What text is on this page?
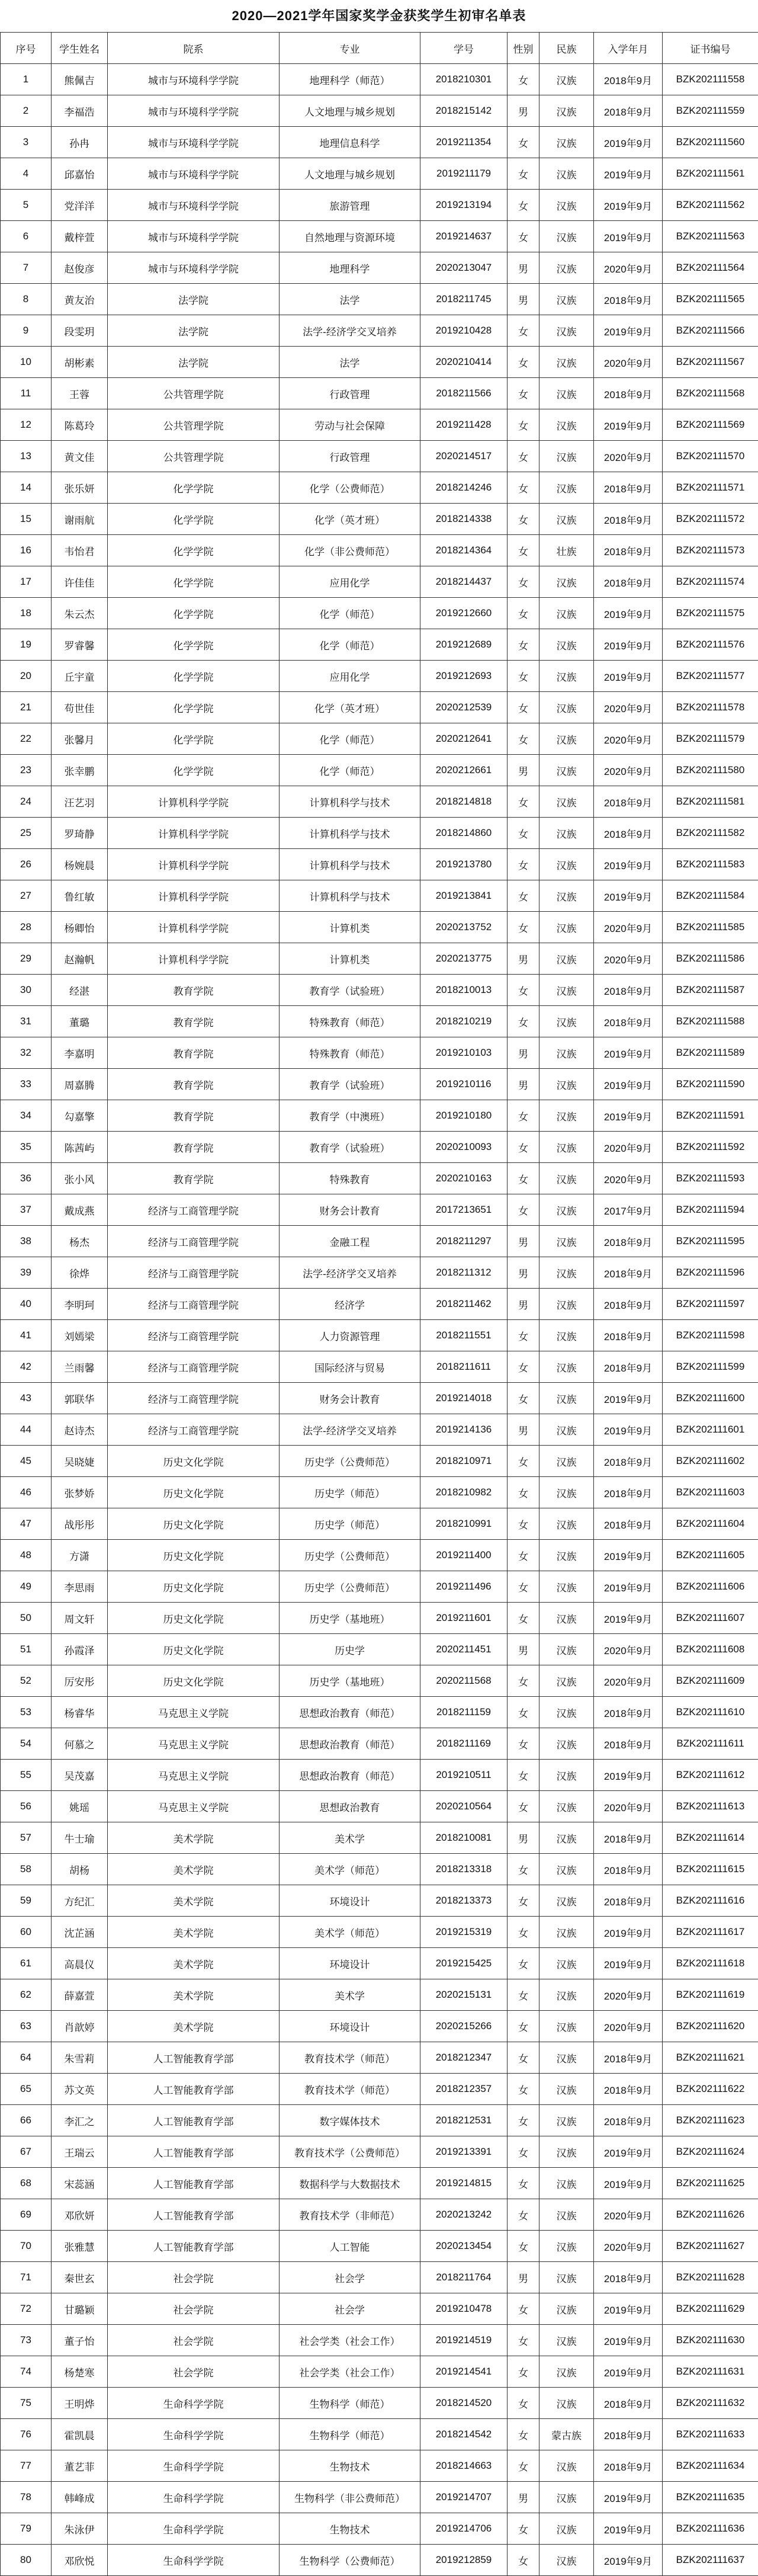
2020—2021学年国家奖学金获奖学生初审名单表
序号	学生姓名	院系	专业	学号	性别	民族	入学年月	证书编号
1	熊佩吉	城市与环境科学学院	地理科学（师范）	2018210301	女	汉族	2018年9月	BZK202111558
2	李福浩	城市与环境科学学院	人文地理与城乡规划	2018215142	男	汉族	2018年9月	BZK202111559
3	孙冉	城市与环境科学学院	地理信息科学	2019211354	女	汉族	2019年9月	BZK202111560
4	邱嘉怡	城市与环境科学学院	人文地理与城乡规划	2019211179	女	汉族	2019年9月	BZK202111561
5	党洋洋	城市与环境科学学院	旅游管理	2019213194	女	汉族	2019年9月	BZK202111562
6	戴梓萱	城市与环境科学学院	自然地理与资源环境	2019214637	女	汉族	2019年9月	BZK202111563
7	赵俊彦	城市与环境科学学院	地理科学	2020213047	男	汉族	2020年9月	BZK202111564
8	黄友治	法学院	法学	2018211745	男	汉族	2018年9月	BZK202111565
9	段雯玥	法学院	法学-经济学交叉培养	2019210428	女	汉族	2019年9月	BZK202111566
10	胡彬素	法学院	法学	2020210414	女	汉族	2020年9月	BZK202111567
11	王蓉	公共管理学院	行政管理	2018211566	女	汉族	2018年9月	BZK202111568
12	陈葛玲	公共管理学院	劳动与社会保障	2019211428	女	汉族	2019年9月	BZK202111569
13	黄文佳	公共管理学院	行政管理	2020214517	女	汉族	2020年9月	BZK202111570
14	张乐妍	化学学院	化学（公费师范）	2018214246	女	汉族	2018年9月	BZK202111571
15	谢雨航	化学学院	化学（英才班）	2018214338	女	汉族	2018年9月	BZK202111572
16	韦怡君	化学学院	化学（非公费师范）	2018214364	女	壮族	2018年9月	BZK202111573
17	许佳佳	化学学院	应用化学	2018214437	女	汉族	2018年9月	BZK202111574
18	朱云杰	化学学院	化学（师范）	2019212660	女	汉族	2019年9月	BZK202111575
19	罗睿馨	化学学院	化学（师范）	2019212689	女	汉族	2019年9月	BZK202111576
20	丘宇童	化学学院	应用化学	2019212693	女	汉族	2019年9月	BZK202111577
21	苟世佳	化学学院	化学（英才班）	2020212539	女	汉族	2020年9月	BZK202111578
22	张馨月	化学学院	化学（师范）	2020212641	女	汉族	2020年9月	BZK202111579
23	张幸鹏	化学学院	化学（师范）	2020212661	男	汉族	2020年9月	BZK202111580
24	汪艺羽	计算机科学学院	计算机科学与技术	2018214818	女	汉族	2018年9月	BZK202111581
25	罗琦静	计算机科学学院	计算机科学与技术	2018214860	女	汉族	2018年9月	BZK202111582
26	杨婉晨	计算机科学学院	计算机科学与技术	2019213780	女	汉族	2019年9月	BZK202111583
27	鲁红敏	计算机科学学院	计算机科学与技术	2019213841	女	汉族	2019年9月	BZK202111584
28	杨卿怡	计算机科学学院	计算机类	2020213752	女	汉族	2020年9月	BZK202111585
29	赵瀚帆	计算机科学学院	计算机类	2020213775	男	汉族	2020年9月	BZK202111586
30	经湛	教育学院	教育学（试验班）	2018210013	女	汉族	2018年9月	BZK202111587
31	董璐	教育学院	特殊教育（师范）	2018210219	女	汉族	2018年9月	BZK202111588
32	李嘉明	教育学院	特殊教育（师范）	2019210103	男	汉族	2019年9月	BZK202111589
33	周嘉腾	教育学院	教育学（试验班）	2019210116	男	汉族	2019年9月	BZK202111590
34	勾嘉擎	教育学院	教育学（中澳班）	2019210180	女	汉族	2019年9月	BZK202111591
35	陈茜屿	教育学院	教育学（试验班）	2020210093	女	汉族	2020年9月	BZK202111592
36	张小风	教育学院	特殊教育	2020210163	女	汉族	2020年9月	BZK202111593
37	戴成燕	经济与工商管理学院	财务会计教育	2017213651	女	汉族	2017年9月	BZK202111594
38	杨杰	经济与工商管理学院	金融工程	2018211297	男	汉族	2018年9月	BZK202111595
39	徐烨	经济与工商管理学院	法学-经济学交叉培养	2018211312	男	汉族	2018年9月	BZK202111596
40	李明珂	经济与工商管理学院	经济学	2018211462	男	汉族	2018年9月	BZK202111597
41	刘嫣梁	经济与工商管理学院	人力资源管理	2018211551	女	汉族	2018年9月	BZK202111598
42	兰雨馨	经济与工商管理学院	国际经济与贸易	2018211611	女	汉族	2018年9月	BZK202111599
43	郭联华	经济与工商管理学院	财务会计教育	2019214018	女	汉族	2019年9月	BZK202111600
44	赵诗杰	经济与工商管理学院	法学-经济学交叉培养	2019214136	男	汉族	2019年9月	BZK202111601
45	吴晓婕	历史文化学院	历史学（公费师范）	2018210971	女	汉族	2018年9月	BZK202111602
46	张梦娇	历史文化学院	历史学（师范）	2018210982	女	汉族	2018年9月	BZK202111603
47	战彤彤	历史文化学院	历史学（师范）	2018210991	女	汉族	2018年9月	BZK202111604
48	方潇	历史文化学院	历史学（公费师范）	2019211400	女	汉族	2019年9月	BZK202111605
49	李思雨	历史文化学院	历史学（公费师范）	2019211496	女	汉族	2019年9月	BZK202111606
50	周文轩	历史文化学院	历史学（基地班）	2019211601	女	汉族	2019年9月	BZK202111607
51	孙霞泽	历史文化学院	历史学	2020211451	男	汉族	2020年9月	BZK202111608
52	厉安彤	历史文化学院	历史学（基地班）	2020211568	女	汉族	2020年9月	BZK202111609
53	杨睿华	马克思主义学院	思想政治教育（师范）	2018211159	女	汉族	2018年9月	BZK202111610
54	何慕之	马克思主义学院	思想政治教育（师范）	2018211169	女	汉族	2018年9月	BZK202111611
55	吴茂嘉	马克思主义学院	思想政治教育（师范）	2019210511	女	汉族	2019年9月	BZK202111612
56	姚瑶	马克思主义学院	思想政治教育	2020210564	女	汉族	2020年9月	BZK202111613
57	牛士瑜	美术学院	美术学	2018210081	男	汉族	2018年9月	BZK202111614
58	胡杨	美术学院	美术学（师范）	2018213318	女	汉族	2018年9月	BZK202111615
59	方纪汇	美术学院	环境设计	2018213373	女	汉族	2018年9月	BZK202111616
60	沈芷涵	美术学院	美术学（师范）	2019215319	女	汉族	2019年9月	BZK202111617
61	高晨仪	美术学院	环境设计	2019215425	女	汉族	2019年9月	BZK202111618
62	薛嘉萱	美术学院	美术学	2020215131	女	汉族	2020年9月	BZK202111619
63	肖歆婷	美术学院	环境设计	2020215266	女	汉族	2020年9月	BZK202111620
64	朱雪莉	人工智能教育学部	教育技术学（师范）	2018212347	女	汉族	2018年9月	BZK202111621
65	苏文英	人工智能教育学部	教育技术学（师范）	2018212357	女	汉族	2018年9月	BZK202111622
66	李汇之	人工智能教育学部	数字媒体技术	2018212531	女	汉族	2018年9月	BZK202111623
67	王瑞云	人工智能教育学部	教育技术学（公费师范）	2019213391	女	汉族	2019年9月	BZK202111624
68	宋蕊涵	人工智能教育学部	数据科学与大数据技术	2019214815	女	汉族	2019年9月	BZK202111625
69	邓欣妍	人工智能教育学部	教育技术学（非师范）	2020213242	女	汉族	2020年9月	BZK202111626
70	张雅慧	人工智能教育学部	人工智能	2020213454	女	汉族	2020年9月	BZK202111627
71	秦世玄	社会学院	社会学	2018211764	男	汉族	2018年9月	BZK202111628
72	甘璐颖	社会学院	社会学	2019210478	女	汉族	2019年9月	BZK202111629
73	董子怡	社会学院	社会学类（社会工作）	2019214519	女	汉族	2019年9月	BZK202111630
74	杨楚寒	社会学院	社会学类（社会工作）	2019214541	女	汉族	2019年9月	BZK202111631
75	王明烨	生命科学学院	生物科学（师范）	2018214520	女	汉族	2018年9月	BZK202111632
76	霍凯晨	生命科学学院	生物科学（师范）	2018214542	女	蒙古族	2018年9月	BZK202111633
77	董艺菲	生命科学学院	生物技术	2018214663	女	汉族	2018年9月	BZK202111634
78	韩峰成	生命科学学院	生物科学（非公费师范）	2019214707	男	汉族	2019年9月	BZK202111635
79	朱泳伊	生命科学学院	生物技术	2019214706	女	汉族	2019年9月	BZK202111636
80	邓欣悦	生命科学学院	生物科学（公费师范）	2019212859	女	汉族	2019年9月	BZK202111637
